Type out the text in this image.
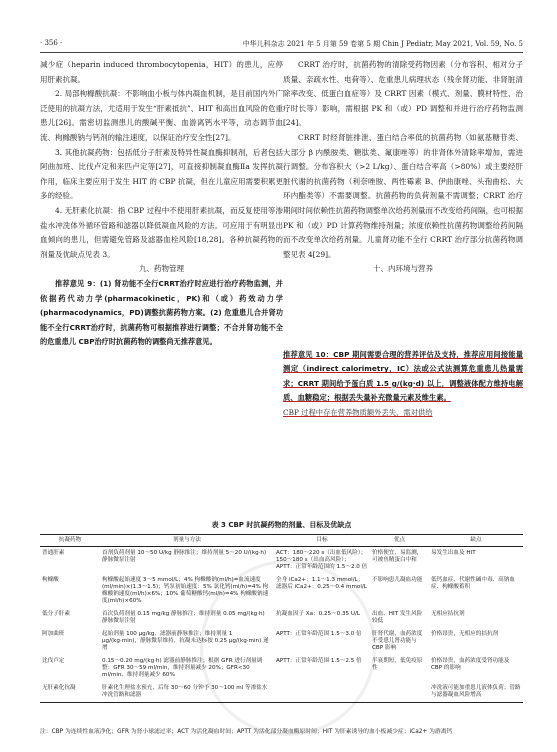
· 356 ·	中华儿科杂志 2021 年 5 月第 59 卷第 5 期 Chin J Pediatr, May 2021, Vol. 59, No. 5

减少症（heparin induced thrombocytopenia，HIT）的患儿，应停用肝素抗凝。

2. 局部枸橼酸抗凝：不影响血小板与体内凝血机制，是目前国内外广泛使用的抗凝方法，尤适用于发生“肝素抵抗”、HIT 和高出血风险的危重患儿[26]。需密切监测患儿的酸碱平衡、血游离钙水平等，动态调节血流、枸橼酸钠与钙剂的输注速度，以保证治疗安全性[27]。

3. 其他抗凝药物：包括低分子肝素及特异性凝血酶抑制剂，后者包括阿曲加班、比伐卢定和来匹卢定等[27]，可直接抑制凝血酶Ⅱa 发挥抗凝作用，临床主要应用于发生 HIT 的 CBP 抗凝，但在儿童应用需要积累更多的经验。

4. 无肝素化抗凝：指 CBP 过程中不使用肝素抗凝，而反复使用等渗盐水冲洗体外循环管路和滤器以降低凝血风险的方法。可应用于有明显出血倾向的患儿，但需避免管路及滤器血栓风险[18,28]。各种抗凝药物的剂量及优缺点见表 3。

九、药物管理

推荐意见 9：(1) 肾功能不全行CRRT治疗时应进行治疗药物监测，并依据药代动力学(pharmacokinetic，PK)和（或）药效动力学(pharmacodynamics，PD)调整抗菌药物方案。(2) 危重患儿合并肾功能不全行CRRT治疗时，抗菌药物可根据推荐进行调整；不合并肾功能不全的危重患儿 CBP治疗时抗菌药物的调整尚无推荐意见。

CRRT 治疗时，抗菌药物的清除受药物因素（分布容积、相对分子质量、亲疏水性、电荷等）、危重患儿病理状态（残余肾功能、非肾脏清除率改变、低蛋白血症等）及 CRRT 因素（模式、剂量、膜材特性、治疗时长等）影响，需根据 PK 和（或）PD 调整和并进行治疗药物监测[24]。

CRRT 时经肾脏排泄、蛋白结合率低的抗菌药物（如氨基糖苷类、大部分 β 内酰胺类、糖肽类、氟康唑等）的非肾体外清除率增加，需进行调整。分布容积大（>2 L/kg）、蛋白结合率高（>80%）或主要经肝脏代谢的抗菌药物（利奈唑胺、两性霉素 B、伊曲康唑、头孢曲松、大环内酯类等）不需要调整。抗菌药物的负荷剂量不需调整；CRRT 治疗期间时间依赖性抗菌药物调整单次给药剂量而不改变给药间隔，也可根据 PK 和（或）PD 计算药物维持剂量；浓度依赖性抗菌药物调整给药间隔而不改变单次给药剂量。儿童肾功能不全行 CRRT 治疗部分抗菌药物调整见表 4[29]。

十、内环境与营养

推荐意见 10：CBP 期间需要合理的营养评估及支持，推荐应用间接能量测定（indirect calorimetry，IC）法或公式法测算危重患儿热量需求；CRRT 期间给予蛋白质 1.5 g/(kg·d) 以上，调整液体配方维持电解质、血糖稳定；根据丢失量补充微量元素及维生素。
CBP 过程中存在营养物质额外丢失，需对供给
表 3 CBP 时抗凝药物的剂量、目标及优缺点
抗凝药物	剂量与方法	目标	优点	缺点
普通肝素	首剂负荷剂量 10～50 U/kg 静脉推注；维持剂量 5～20 U/(kg·h) 静脉微泵注射	ACT：180～220 s（出血低风险）；150～180 s（出血高风险）；APTT：正常年龄范围的 1.5～2.0 倍	价格便宜，易监测，可被鱼精蛋白中和	易发生出血及 HIT
枸橼酸	枸橼酸起始速度 3～5 mmol/L；4% 枸橼酸钠(ml/h)=血流速度(ml/min)×(1.3～1.5)；钙泵初始速度：5% 氯化钙(ml/h)=4% 枸橼酸钠速度(ml/h)×6%；10% 葡萄糖酸钙(ml/h)=4% 枸橼酸钠速度(ml/h)×60%	全身 iCa2+：1.1～1.3 mmol/L；滤器后 iCa2+：0.25～0.4 mmol/L	不影响患儿凝血功能	低钙血症、代谢性碱中毒、高钠血症、枸橼酸蓄积
低分子肝素	首次负荷剂量 0.15 mg/kg 静脉推注；维持剂量 0.05 mg/(kg·h) 静脉微泵注射	抗凝血因子 Xa：0.25～0.35 U/L	出血、HIT 发生风险较低	无相应拮抗剂
阿加曲班	起始剂量 100 μg/kg，滤器前静脉推注；维持剂量 1 μg/(kg·min)，静脉微泵维持，抗凝未达标按 0.25 μg/(kg·min) 递增	APTT：正常年龄范围 1.5～3.0 倍	肝肾代谢，血药浓度不受患儿肾功能与 CBP 影响	价格昂贵，无相应的拮抗剂
比伐卢定	0.15～0.20 mg/(kg·h) 滤器前静脉推注；根据 GFR 进行剂量调整：GFR 30～59 ml/min，维持剂量减少 20%；GFR<30 ml/min，维持剂量减少 60%	APTT：正常年龄范围 1.5～2.5 倍	半衰期短，低免疫原性	价格昂贵，血药浓度受肾功能及 CBP 的影响
无肝素化抗凝	肝素化生理盐水预充，后每 30～60 分钟予 30～100 ml 等渗盐水冲洗管路和滤器			冲洗液可能加重患儿液体负荷；管路与滤器凝血风险增高
注：CBP 为连续性血液净化；GFR 为肾小球滤过率；ACT 为活化凝血时间；APTT 为活化部分凝血酶原时间；HIT 为肝素诱导的血小板减少症；iCa2+ 为游离钙
